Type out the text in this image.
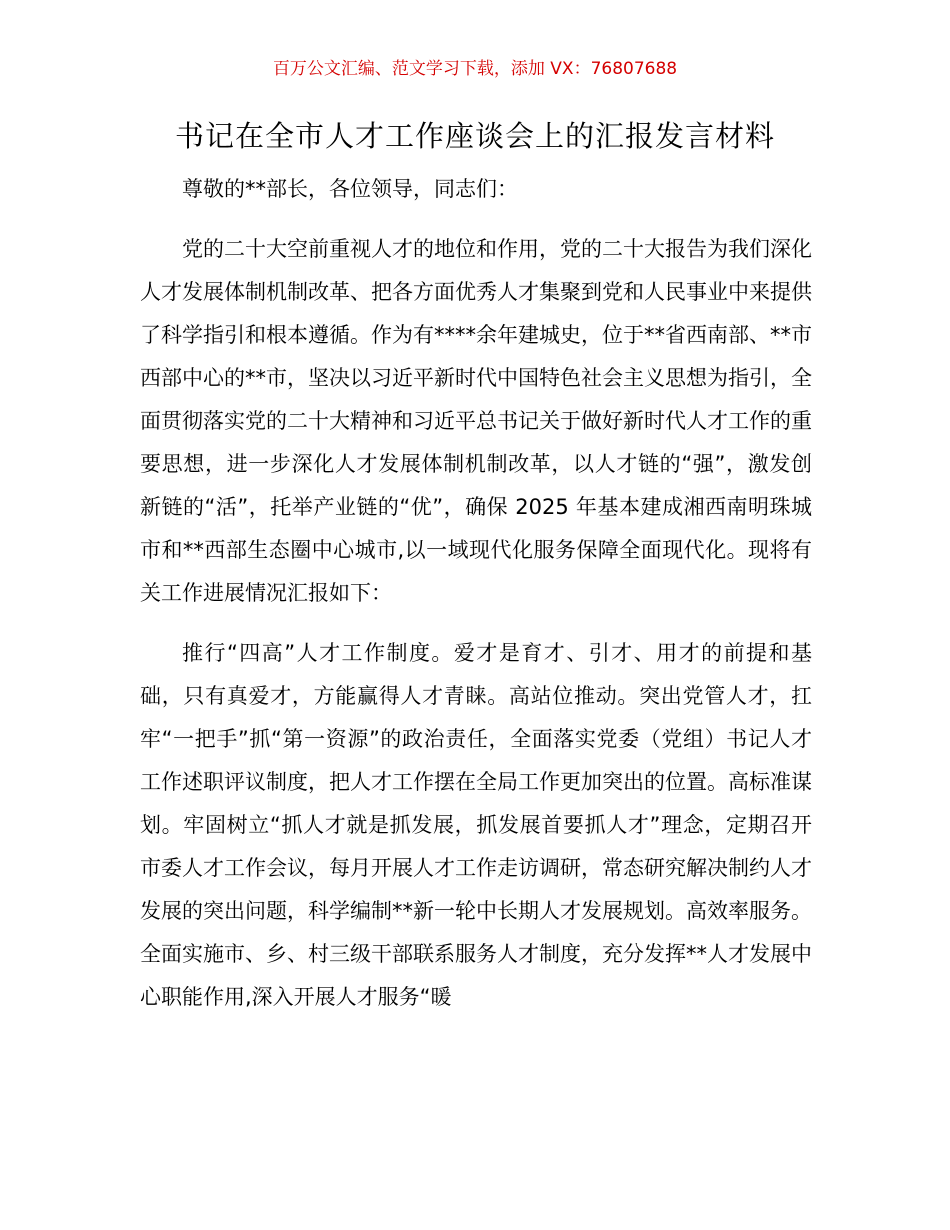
百万公文汇编、范文学习下载，添加 VX：76807688
书记在全市人才工作座谈会上的汇报发言材料

尊敬的**部长，各位领导，同志们：

党的二十大空前重视人才的地位和作用，党的二十大报告为我们深化人才发展体制机制改革、把各方面优秀人才集聚到党和人民事业中来提供了科学指引和根本遵循。作为有****余年建城史，位于**省西南部、**市西部中心的**市，坚决以习近平新时代中国特色社会主义思想为指引，全面贯彻落实党的二十大精神和习近平总书记关于做好新时代人才工作的重要思想，进一步深化人才发展体制机制改革，以人才链的“强”，激发创新链的“活”，托举产业链的“优”，确保 2025 年基本建成湘西南明珠城市和**西部生态圈中心城市,以一域现代化服务保障全面现代化。现将有关工作进展情况汇报如下：

推行“四高”人才工作制度。爱才是育才、引才、用才的前提和基础，只有真爱才，方能赢得人才青睐。高站位推动。突出党管人才，扛牢“一把手”抓“第一资源”的政治责任，全面落实党委（党组）书记人才工作述职评议制度，把人才工作摆在全局工作更加突出的位置。高标准谋划。牢固树立“抓人才就是抓发展，抓发展首要抓人才”理念，定期召开市委人才工作会议，每月开展人才工作走访调研，常态研究解决制约人才发展的突出问题，科学编制**新一轮中长期人才发展规划。高效率服务。全面实施市、乡、村三级干部联系服务人才制度，充分发挥**人才发展中心职能作用,深入开展人才服务“暖
